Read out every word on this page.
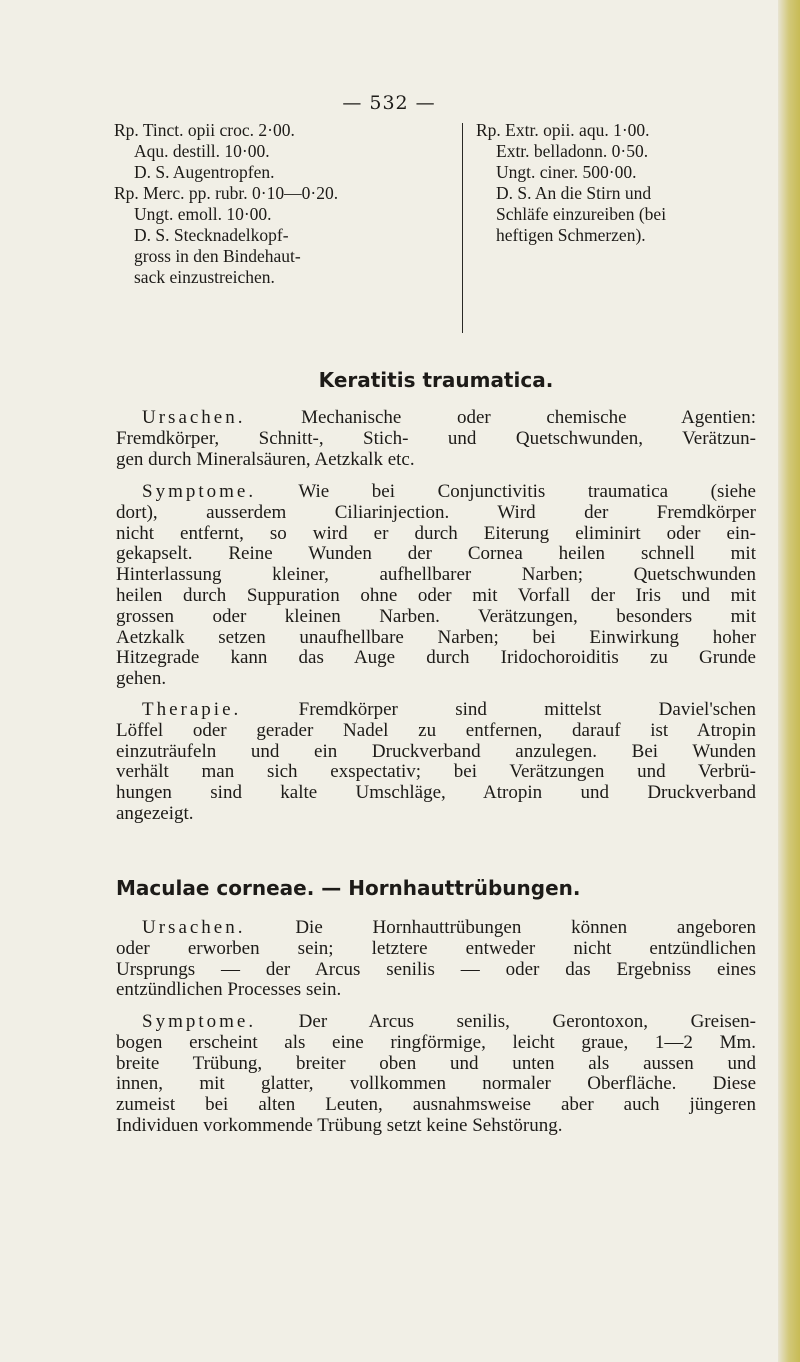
— 532 —
Rp. Tinct. opii croc. 2·00.
Aqu. destill. 10·00.
D. S. Augentropfen.
Rp. Merc. pp. rubr. 0·10—0·20.
Ungt. emoll. 10·00.
D. S. Stecknadelkopf-
gross in den Bindehaut-
sack einzustreichen.
Rp. Extr. opii. aqu. 1·00.
Extr. belladonn. 0·50.
Ungt. ciner. 500·00.
D. S. An die Stirn und
Schläfe einzureiben (bei
heftigen Schmerzen).
Keratitis traumatica.
Ursachen.	Mechanische oder chemische Agentien:
Fremdkörper, Schnitt-, Stich- und Quetschwunden, Verätzun-
gen durch Mineralsäuren, Aetzkalk etc.
Symptome. Wie bei Conjunctivitis traumatica (siehe
dort), ausserdem Ciliarinjection. Wird der Fremdkörper
nicht entfernt, so wird er durch Eiterung eliminirt oder ein-
gekapselt. Reine Wunden der Cornea heilen schnell mit
Hinterlassung kleiner, aufhellbarer Narben; Quetschwunden
heilen durch Suppuration ohne oder mit Vorfall der Iris und mit
grossen oder kleinen Narben. Verätzungen, besonders mit
Aetzkalk setzen unaufhellbare Narben; bei Einwirkung hoher
Hitzegrade kann das Auge durch Iridochoroiditis zu Grunde
gehen.
Therapie.	Fremdkörper sind mittelst Daviel'schen
Löffel oder gerader Nadel zu entfernen, darauf ist Atropin
einzuträufeln und ein Druckverband anzulegen. Bei Wunden
verhält man sich exspectativ; bei Verätzungen und Verbrü-
hungen sind kalte Umschläge, Atropin und Druckverband
angezeigt.
Maculae corneae. — Hornhauttrübungen.
Ursachen.	Die Hornhauttrübungen können angeboren
oder erworben sein; letztere entweder nicht entzündlichen
Ursprungs — der Arcus senilis — oder das Ergebniss eines
entzündlichen Processes sein.
Symptome. Der Arcus senilis, Gerontoxon, Greisen-
bogen erscheint als eine ringförmige, leicht graue, 1—2 Mm.
breite Trübung, breiter oben und unten als aussen und
innen, mit glatter, vollkommen normaler Oberfläche. Diese
zumeist bei alten Leuten, ausnahmsweise aber auch jüngeren
Individuen vorkommende Trübung setzt keine Sehstörung.
